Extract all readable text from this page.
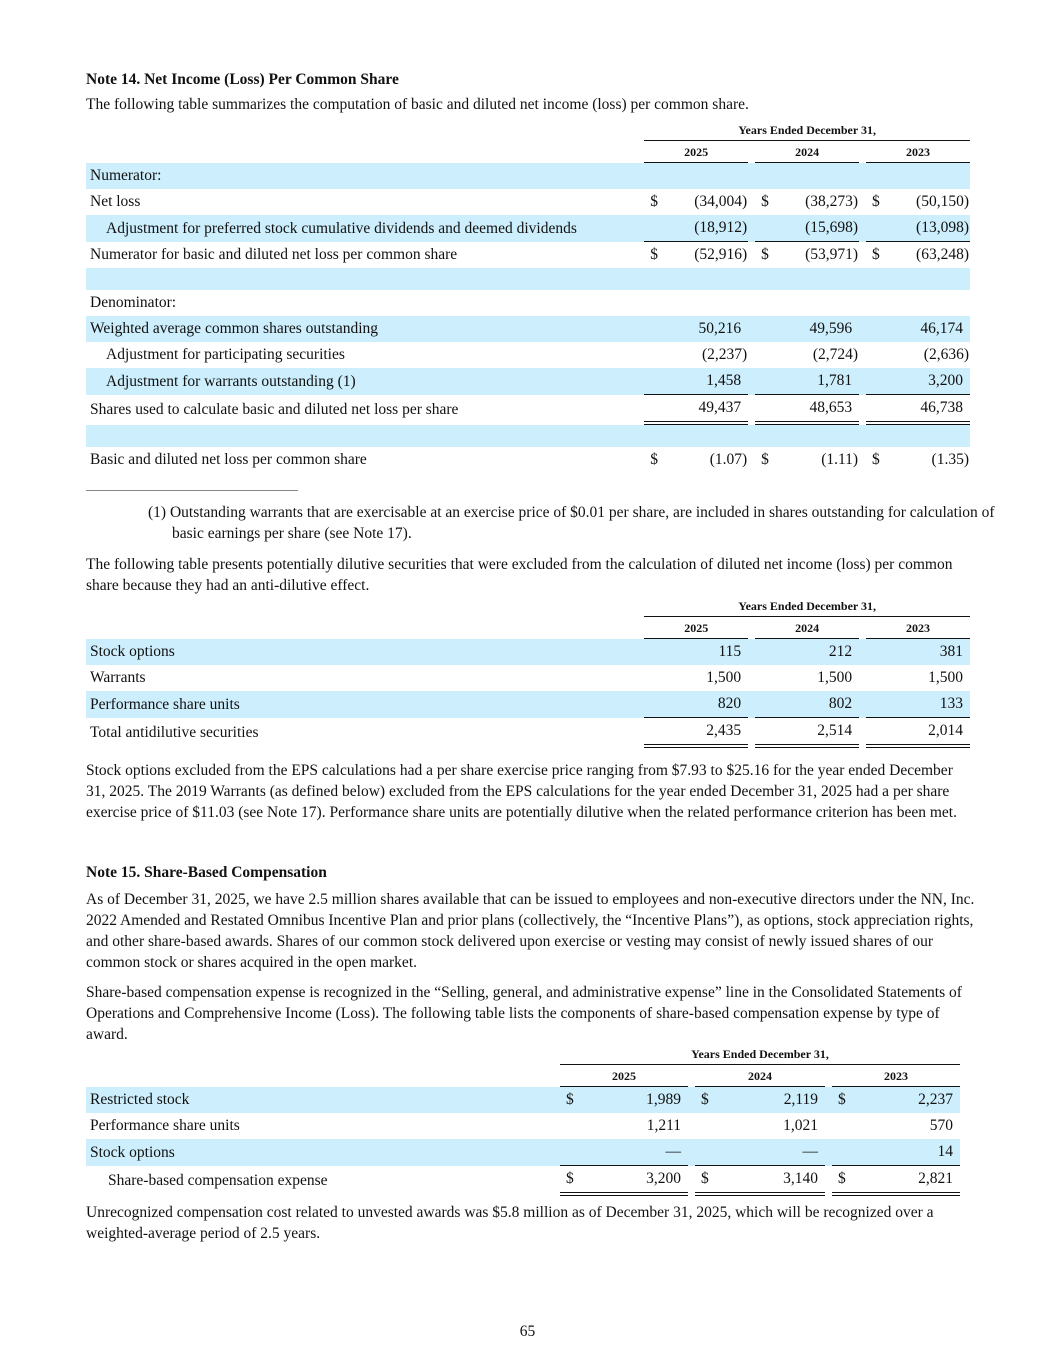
Note 14. Net Income (Loss) Per Common Share

The following table summarizes the computation of basic and diluted net income (loss) per common share.

	Years Ended December 31,				
	2025		2024		2023
Numerator:					
Net loss	$ (34,004)		$ (38,273)		$ (50,150)

Adjustment for preferred stock cumulative dividends and deemed dividends	(18,912)		(15,698)		(13,098)

Numerator for basic and diluted net loss per common share	$ (52,916)		$ (53,971)		$ (63,248)

Denominator:					
Weighted average common shares outstanding	50,216		49,596		46,174

Adjustment for participating securities	(2,237)		(2,724)		(2,636)

Adjustment for warrants outstanding (1)	1,458		1,781		3,200

Shares used to calculate basic and diluted net loss per share	49,437		48,653		46,738

Basic and diluted net loss per common share	$ (1.07)		$ (1.11)		$ (1.35)

(1) Outstanding warrants that are exercisable at an exercise price of $0.01 per share, are included in shares outstanding for calculation of basic earnings per share (see Note 17).

The following table presents potentially dilutive securities that were excluded from the calculation of diluted net income (loss) per common share because they had an anti-dilutive effect.

	Years Ended December 31,				
	2025		2024		2023
Stock options	115		212		381

Warrants	1,500		1,500		1,500

Performance share units	820		802		133

Total antidilutive securities	2,435		2,514		2,014

Stock options excluded from the EPS calculations had a per share exercise price ranging from $7.93 to $25.16 for the year ended December 31, 2025. The 2019 Warrants (as defined below) excluded from the EPS calculations for the year ended December 31, 2025 had a per share exercise price of $11.03 (see Note 17). Performance share units are potentially dilutive when the related performance criterion has been met.

Note 15. Share-Based Compensation

As of December 31, 2025, we have 2.5 million shares available that can be issued to employees and non-executive directors under the NN, Inc. 2022 Amended and Restated Omnibus Incentive Plan and prior plans (collectively, the “Incentive Plans”), as options, stock appreciation rights, and other share-based awards. Shares of our common stock delivered upon exercise or vesting may consist of newly issued shares of our common stock or shares acquired in the open market.

Share-based compensation expense is recognized in the “Selling, general, and administrative expense” line in the Consolidated Statements of Operations and Comprehensive Income (Loss). The following table lists the components of share-based compensation expense by type of award.

	Years Ended December 31,				
	2025		2024		2023
Restricted stock	$ 1,989		$ 2,119		$ 2,237

Performance share units	1,211		1,021		570

Stock options	—		—		14

Share-based compensation expense	$ 3,200		$ 3,140		$ 2,821

Unrecognized compensation cost related to unvested awards was $5.8 million as of December 31, 2025, which will be recognized over a weighted-average period of 2.5 years.

65
